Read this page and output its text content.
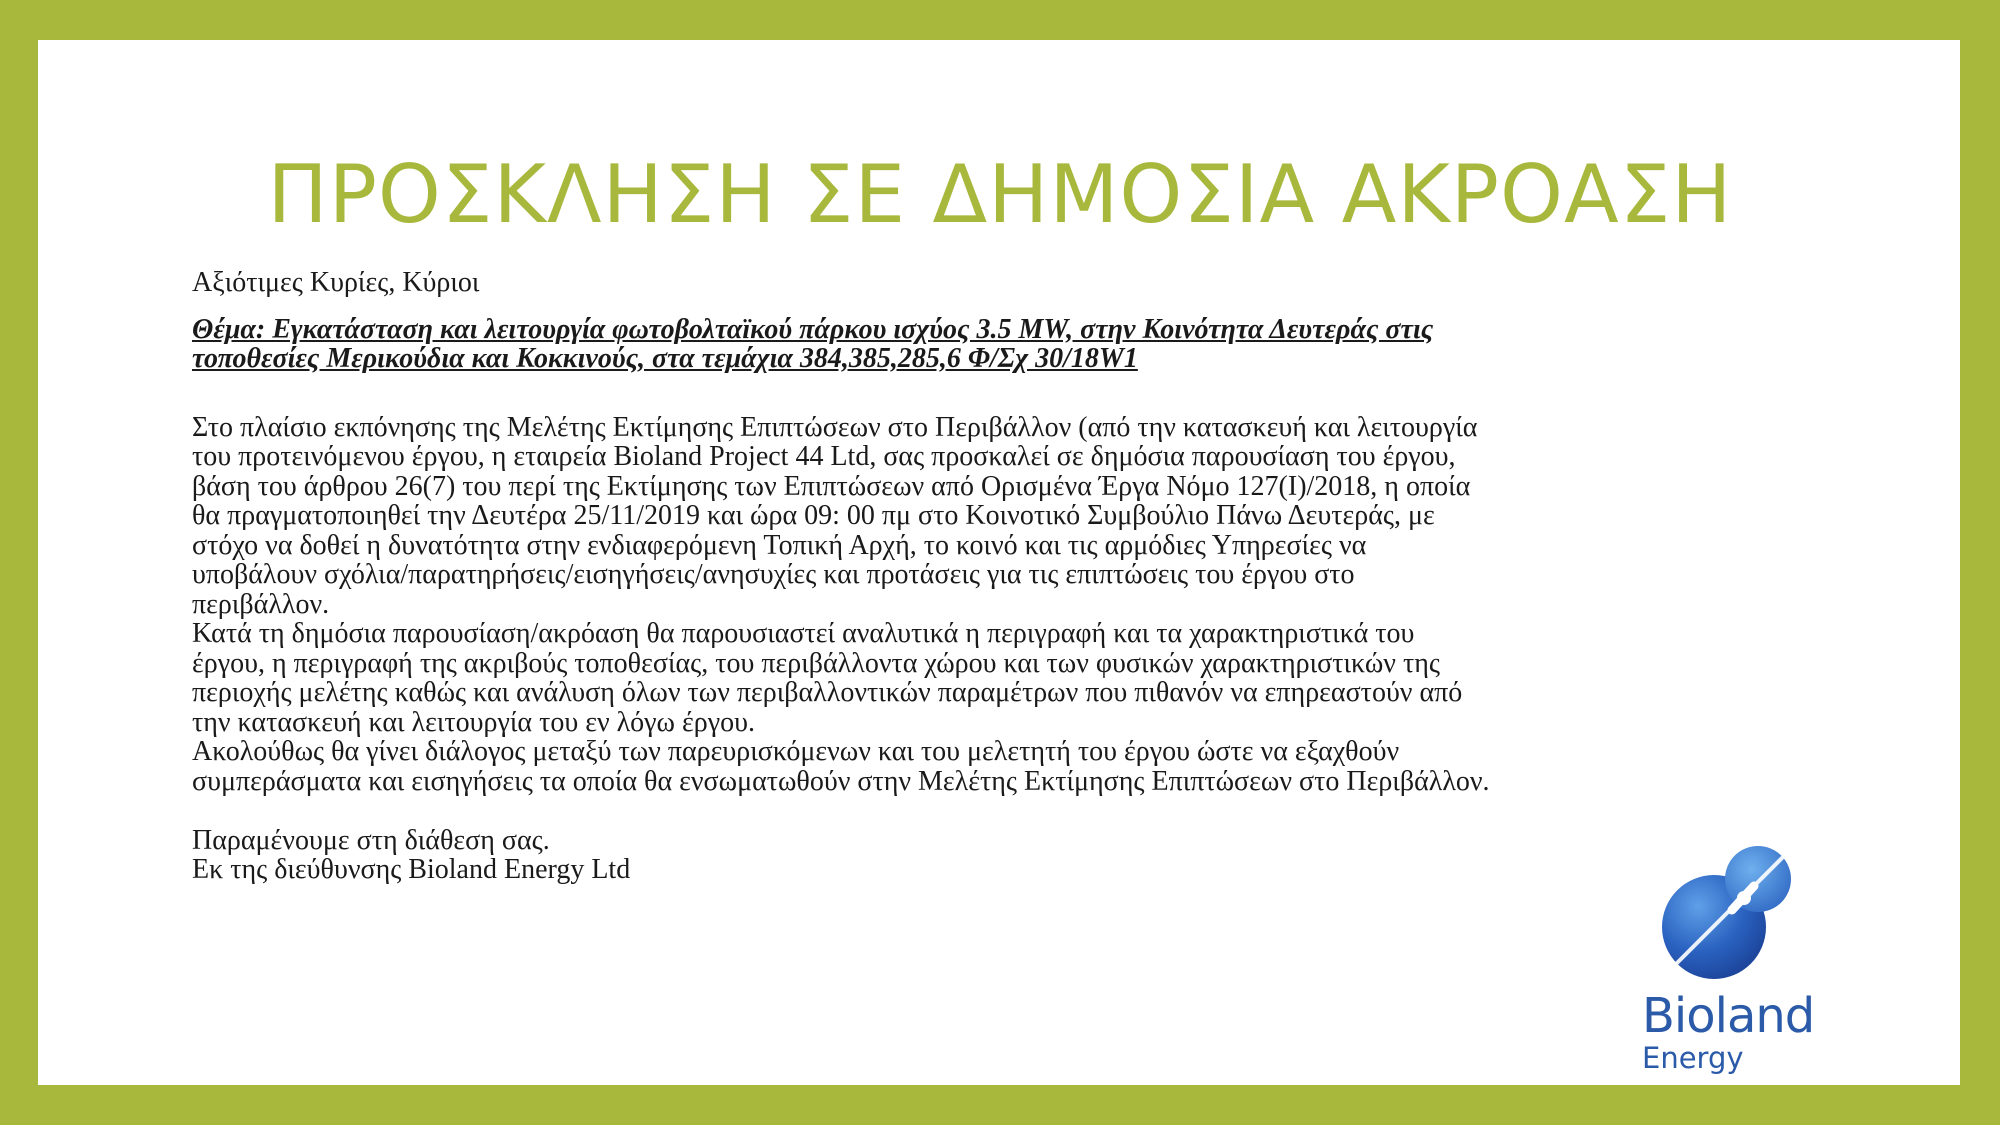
ΠΡΟΣΚΛΗΣΗ ΣΕ ΔΗΜΟΣΙΑ ΑΚΡΟΑΣΗ

Αξιότιμες Κυρίες, Κύριοι

Θέμα: Εγκατάσταση και λειτουργία φωτοβολταϊκού πάρκου ισχύος 3.5 MW, στην Κοινότητα Δευτεράς στις

τοποθεσίες Μερικούδια και Κοκκινούς, στα τεμάχια 384,385,285,6 Φ/Σχ 30/18W1

Στο πλαίσιο εκπόνησης της Μελέτης Εκτίμησης Επιπτώσεων στο Περιβάλλον (από την κατασκευή και λειτουργία

του προτεινόμενου έργου, η εταιρεία Bioland Project 44 Ltd, σας προσκαλεί σε δημόσια παρουσίαση του έργου,

βάση του άρθρου 26(7) του περί της Εκτίμησης των Επιπτώσεων από Ορισμένα Έργα Νόμο 127(Ι)/2018, η οποία

θα πραγματοποιηθεί την Δευτέρα 25/11/2019 και ώρα 09: 00 πμ στο Κοινοτικό Συμβούλιο Πάνω Δευτεράς, με

στόχο να δοθεί η δυνατότητα στην ενδιαφερόμενη Τοπική Αρχή, το κοινό και τις αρμόδιες Υπηρεσίες να

υποβάλουν σχόλια/παρατηρήσεις/εισηγήσεις/ανησυχίες και προτάσεις για τις επιπτώσεις του έργου στο

περιβάλλον.

Κατά τη δημόσια παρουσίαση/ακρόαση θα παρουσιαστεί αναλυτικά η περιγραφή και τα χαρακτηριστικά του

έργου, η περιγραφή της ακριβούς τοποθεσίας, του περιβάλλοντα χώρου και των φυσικών χαρακτηριστικών της

περιοχής μελέτης καθώς και ανάλυση όλων των περιβαλλοντικών παραμέτρων που πιθανόν να επηρεαστούν από

την κατασκευή και λειτουργία του εν λόγω έργου.

Ακολούθως θα γίνει διάλογος μεταξύ των παρευρισκόμενων και του μελετητή του έργου ώστε να εξαχθούν

συμπεράσματα και εισηγήσεις τα οποία θα ενσωματωθούν στην Μελέτης Εκτίμησης Επιπτώσεων στο Περιβάλλον.

Παραμένουμε στη διάθεση σας.

Εκ της διεύθυνσης Bioland Energy Ltd

Bioland
Energy
